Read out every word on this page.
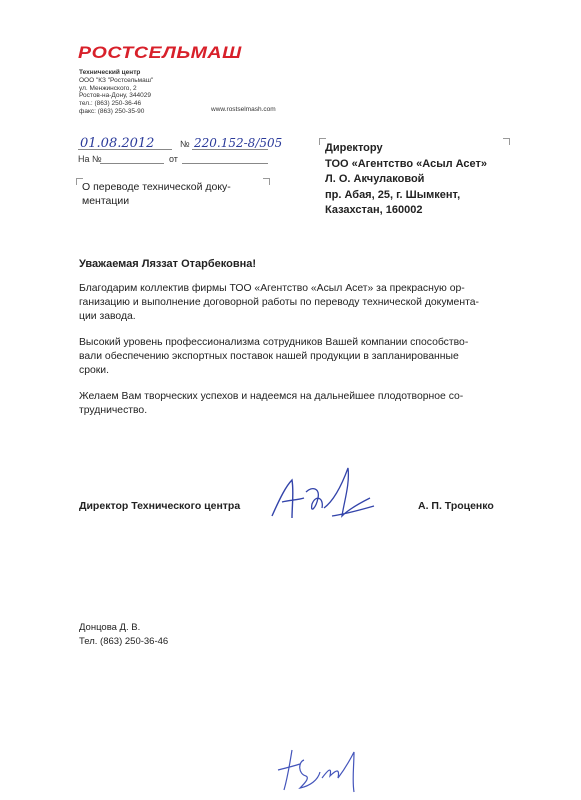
РОСТСЕЛЬМАШ
Технический центр
ООО "КЗ "Ростсельмаш"
ул. Менжинского, 2
Ростов-на-Дону, 344029
тел.: (863) 250-36-46
факс: (863) 250-35-90	www.rostselmash.com
01.08.2012	№ 220.152-8/505
На №	от
О переводе технической доку-
ментации
Директору
ТОО «Агентство «Асыл Асет»
Л. О. Акчулаковой
пр. Абая, 25, г. Шымкент,
Казахстан, 160002
Уважаемая Ляззат Отарбековна!
Благодарим коллектив фирмы ТОО «Агентство «Асыл Асет» за прекрасную ор-
ганизацию и выполнение договорной работы по переводу технической документа-
ции завода.
Высокий уровень профессионализма сотрудников Вашей компании способство-
вали обеспечению экспортных поставок нашей продукции в запланированные
сроки.
Желаем Вам творческих успехов и надеемся на дальнейшее плодотворное со-
трудничество.
Директор Технического центра	А. П. Троценко
Донцова Д. В.
Тел. (863) 250-36-46
